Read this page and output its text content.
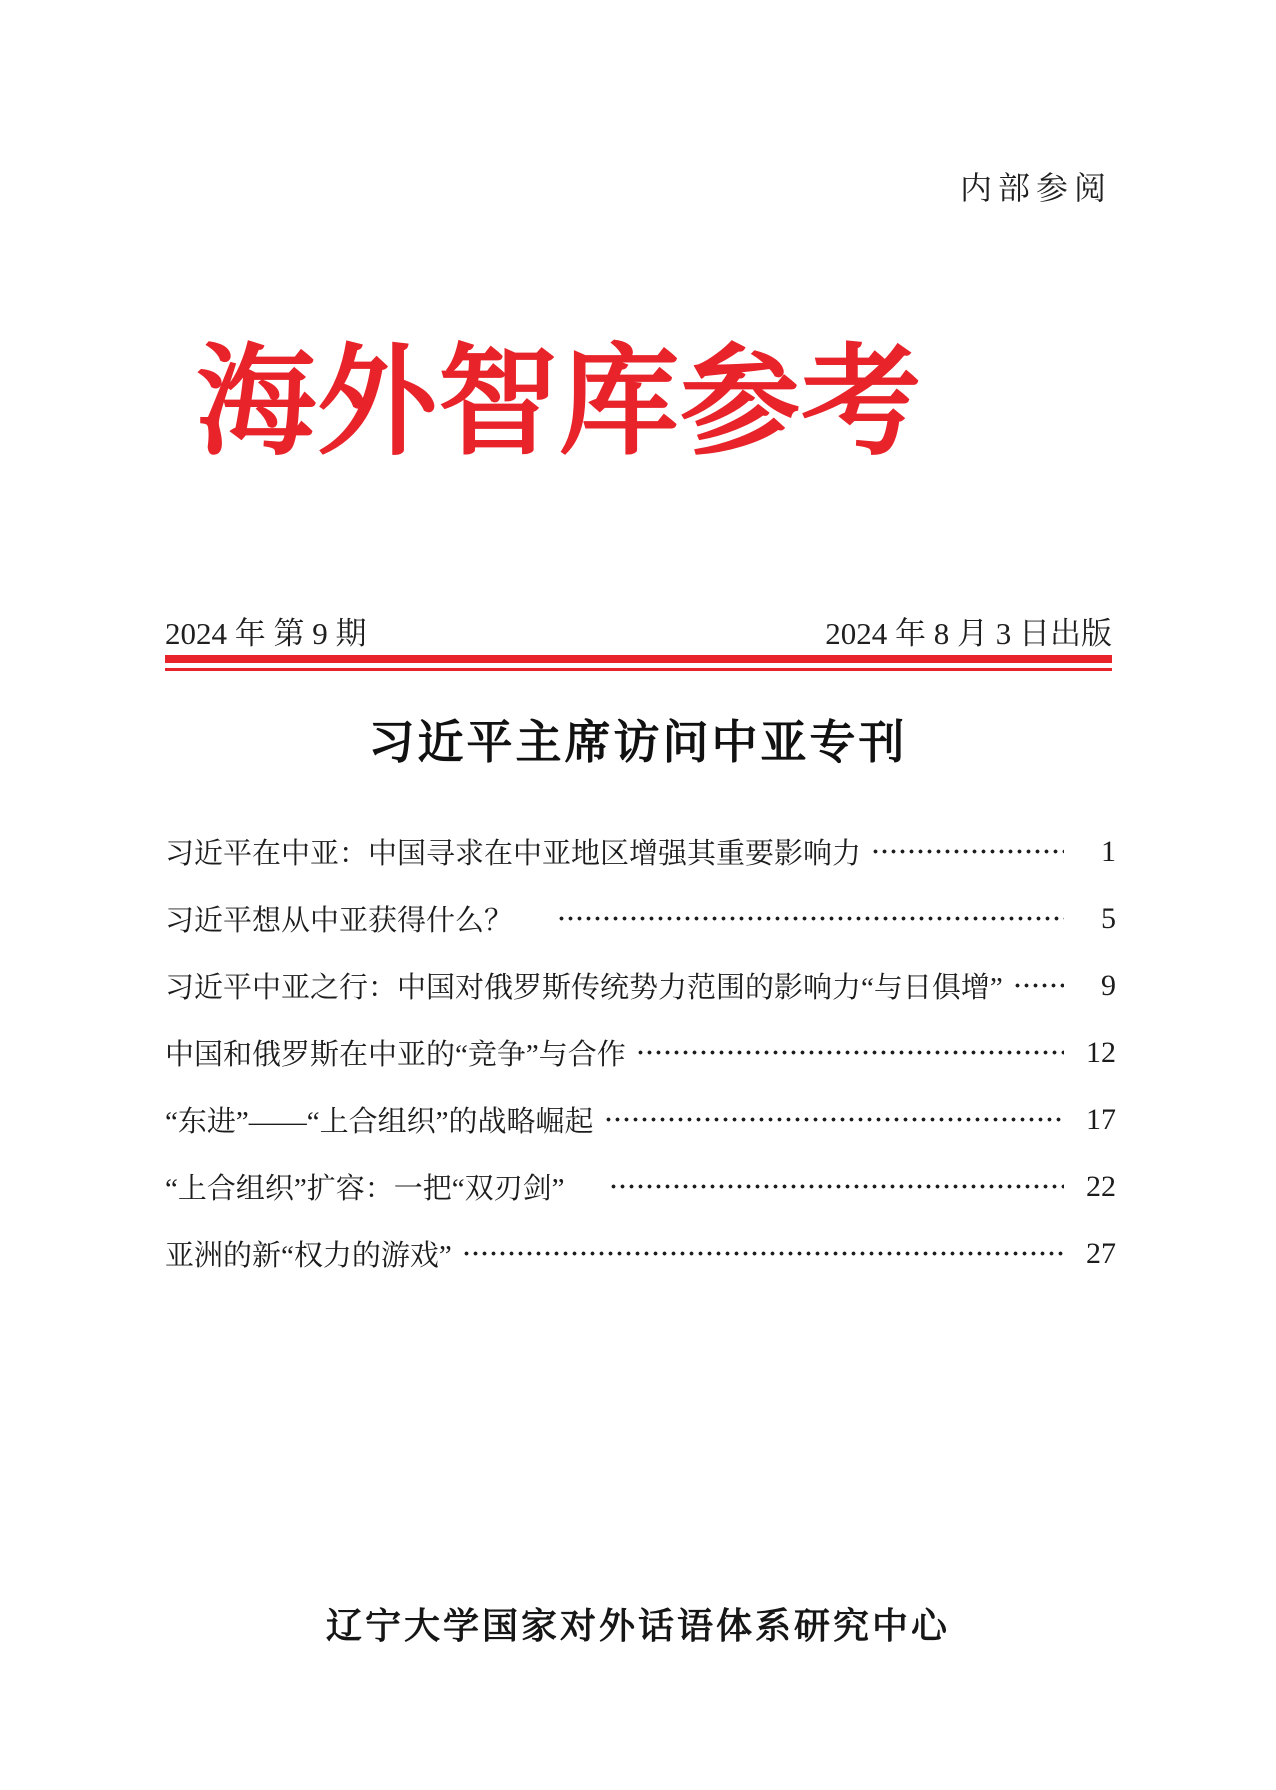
内部参阅
海外智库参考
2024 年 第 9 期	2024 年 8 月 3 日出版
习近平主席访问中亚专刊
习近平在中亚：中国寻求在中亚地区增强其重要影响力	1
习近平想从中亚获得什么？	5
习近平中亚之行：中国对俄罗斯传统势力范围的影响力“与日俱增”	9
中国和俄罗斯在中亚的“竞争”与合作	12
“东进”——“上合组织”的战略崛起	17
“上合组织”扩容：一把“双刃剑”	22
亚洲的新“权力的游戏”	27
辽宁大学国家对外话语体系研究中心
